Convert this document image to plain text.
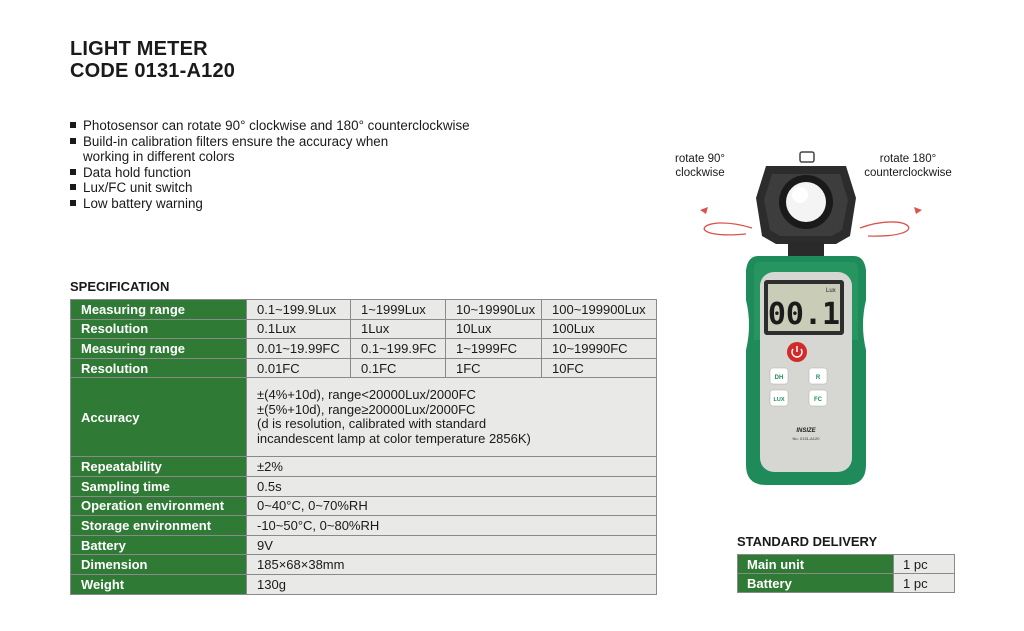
LIGHT METER
CODE 0131-A120
Photosensor can rotate 90° clockwise and 180° counterclockwise
Build-in calibration filters ensure the accuracy when
working in different colors
Data hold function
Lux/FC unit switch
Low battery warning
SPECIFICATION
Measuring range	0.1~199.9Lux	1~1999Lux	10~19990Lux	100~199900Lux
Resolution	0.1Lux	1Lux	10Lux	100Lux
Measuring range	0.01~19.99FC	0.1~199.9FC	1~1999FC	10~19990FC
Resolution	0.01FC	0.1FC	1FC	10FC
Accuracy	±(4%+10d), range<20000Lux/2000FC
±(5%+10d), range≥20000Lux/2000FC
(d is resolution, calibrated with standard
incandescent lamp at color temperature 2856K)			

Repeatability	±2%			
Sampling time	0.5s			
Operation environment	0~40°C, 0~70%RH			
Storage environment	-10~50°C, 0~80%RH			
Battery	9V			
Dimension	185×68×38mm			
Weight	130g			
rotate 90°
clockwise
rotate 180°
counterclockwise
Lux
00.1
DH	R
LUX	FC
INSIZE
No. 0131-A120
STANDARD DELIVERY
Main unit	1 pc
Battery	1 pc
